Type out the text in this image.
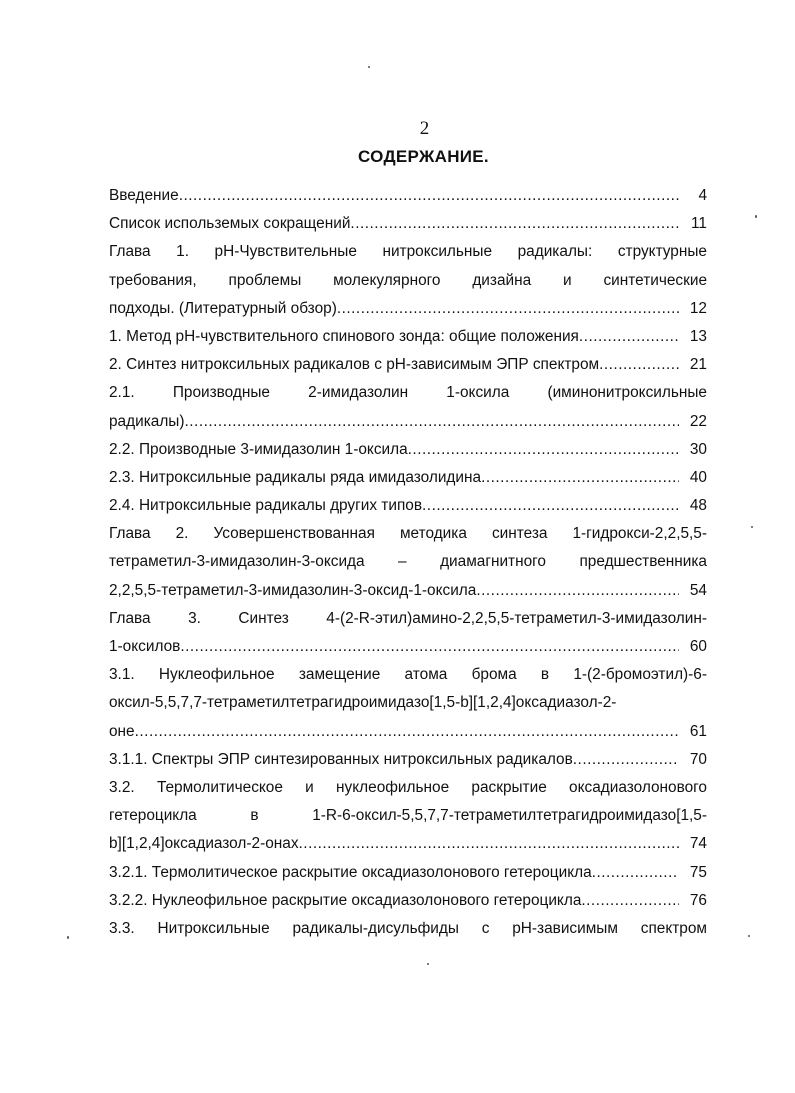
2
СОДЕРЖАНИЕ.
Введение .....	4
Список использемых сокращений .....	11
Глава 1. рН-Чувствительные нитроксильные радикалы: структурные
требования, проблемы молекулярного дизайна и синтетические
подходы. (Литературный обзор) .....	12
1. Метод рН-чувствительного спинового зонда: общие положения .....	13
2. Синтез нитроксильных радикалов с рН-зависимым ЭПР спектром .....	21
2.1. Производные 2-имидазолин 1-оксила (иминонитроксильные
радикалы) .....	22
2.2. Производные 3-имидазолин 1-оксила .....	30
2.3. Нитроксильные радикалы ряда имидазолидина .....	40
2.4. Нитроксильные радикалы других типов .....	48
Глава 2. Усовершенствованная методика синтеза 1-гидрокси-2,2,5,5-
тетраметил-3-имидазолин-3-оксида – диамагнитного предшественника
2,2,5,5-тетраметил-3-имидазолин-3-оксид-1-оксила .....	54
Глава 3. Синтез 4-(2-R-этил)амино-2,2,5,5-тетраметил-3-имидазолин-
1-оксилов .....	60
3.1. Нуклеофильное замещение атома брома в 1-(2-бромоэтил)-6-
оксил-5,5,7,7-тетраметилтетрагидроимидазо[1,5-b][1,2,4]оксадиазол-2-
оне .....	61
3.1.1. Спектры ЭПР синтезированных нитроксильных радикалов .....	70
3.2. Термолитическое и нуклеофильное раскрытие оксадиазолонового
гетероцикла в 1-R-6-оксил-5,5,7,7-тетраметилтетрагидроимидазо[1,5-
b][1,2,4]оксадиазол-2-онах .....	74
3.2.1. Термолитическое раскрытие оксадиазолонового гетероцикла .....	75
3.2.2. Нуклеофильное раскрытие оксадиазолонового гетероцикла .....	76
3.3. Нитроксильные радикалы-дисульфиды с рН-зависимым спектром
